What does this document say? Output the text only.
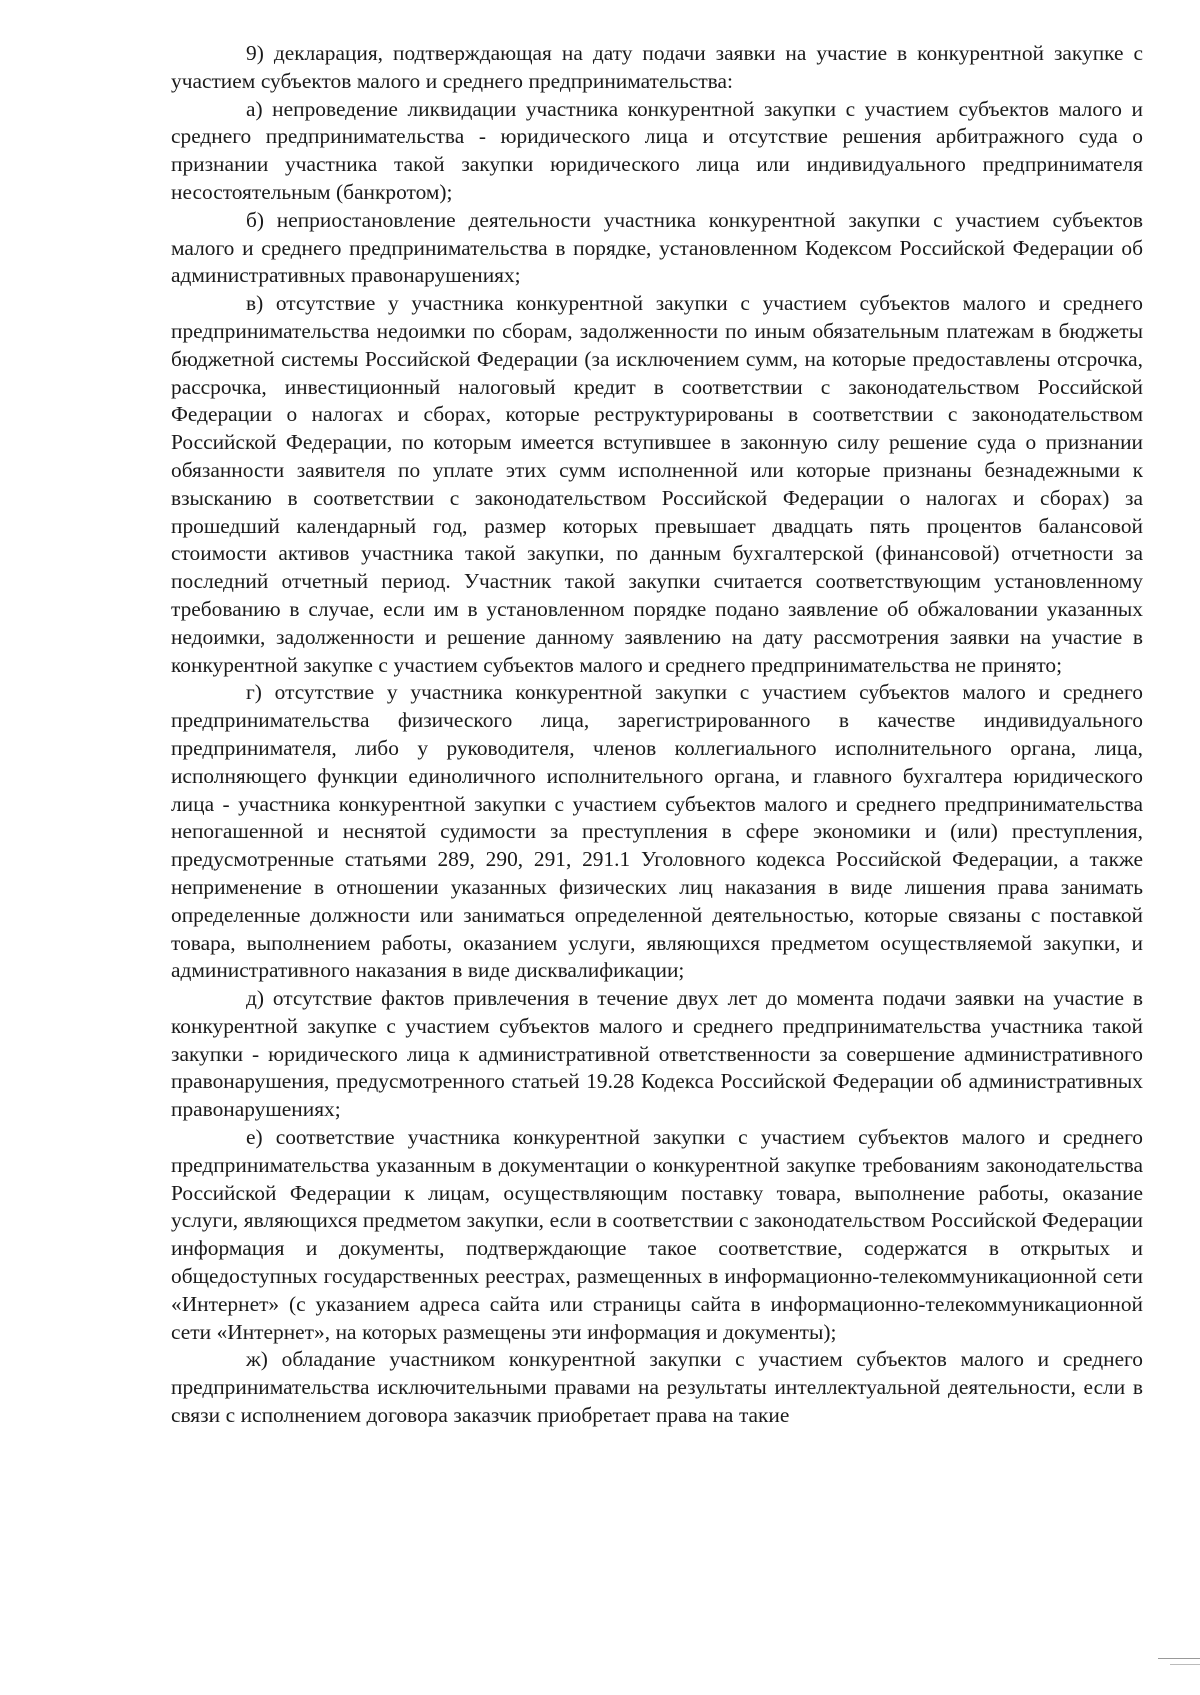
9) декларация, подтверждающая на дату подачи заявки на участие в конкурентной закупке с участием субъектов малого и среднего предпринимательства:

а) непроведение ликвидации участника конкурентной закупки с участием субъектов малого и среднего предпринимательства - юридического лица и отсутствие решения арбитражного суда о признании участника такой закупки юридического лица или индивидуального предпринимателя несостоятельным (банкротом);

б) неприостановление деятельности участника конкурентной закупки с участием субъектов малого и среднего предпринимательства в порядке, установленном Кодексом Российской Федерации об административных правонарушениях;

в) отсутствие у участника конкурентной закупки с участием субъектов малого и среднего предпринимательства недоимки по сборам, задолженности по иным обязательным платежам в бюджеты бюджетной системы Российской Федерации (за исключением сумм, на которые предоставлены отсрочка, рассрочка, инвестиционный налоговый кредит в соответствии с законодательством Российской Федерации о налогах и сборах, которые реструктурированы в соответствии с законодательством Российской Федерации, по которым имеется вступившее в законную силу решение суда о признании обязанности заявителя по уплате этих сумм исполненной или которые признаны безнадежными к взысканию в соответствии с законодательством Российской Федерации о налогах и сборах) за прошедший календарный год, размер которых превышает двадцать пять процентов балансовой стоимости активов участника такой закупки, по данным бухгалтерской (финансовой) отчетности за последний отчетный период. Участник такой закупки считается соответствующим установленному требованию в случае, если им в установленном порядке подано заявление об обжаловании указанных недоимки, задолженности и решение данному заявлению на дату рассмотрения заявки на участие в конкурентной закупке с участием субъектов малого и среднего предпринимательства не принято;

г) отсутствие у участника конкурентной закупки с участием субъектов малого и среднего предпринимательства физического лица, зарегистрированного в качестве индивидуального предпринимателя, либо у руководителя, членов коллегиального исполнительного органа, лица, исполняющего функции единоличного исполнительного органа, и главного бухгалтера юридического лица - участника конкурентной закупки с участием субъектов малого и среднего предпринимательства непогашенной и неснятой судимости за преступления в сфере экономики и (или) преступления, предусмотренные статьями 289, 290, 291, 291.1 Уголовного кодекса Российской Федерации, а также неприменение в отношении указанных физических лиц наказания в виде лишения права занимать определенные должности или заниматься определенной деятельностью, которые связаны с поставкой товара, выполнением работы, оказанием услуги, являющихся предметом осуществляемой закупки, и административного наказания в виде дисквалификации;

д) отсутствие фактов привлечения в течение двух лет до момента подачи заявки на участие в конкурентной закупке с участием субъектов малого и среднего предпринимательства участника такой закупки - юридического лица к административной ответственности за совершение административного правонарушения, предусмотренного статьей 19.28 Кодекса Российской Федерации об административных правонарушениях;

е) соответствие участника конкурентной закупки с участием субъектов малого и среднего предпринимательства указанным в документации о конкурентной закупке требованиям законодательства Российской Федерации к лицам, осуществляющим поставку товара, выполнение работы, оказание услуги, являющихся предметом закупки, если в соответствии с законодательством Российской Федерации информация и документы, подтверждающие такое соответствие, содержатся в открытых и общедоступных государственных реестрах, размещенных в информационно-телекоммуникационной сети «Интернет» (с указанием адреса сайта или страницы сайта в информационно-телекоммуникационной сети «Интернет», на которых размещены эти информация и документы);

ж) обладание участником конкурентной закупки с участием субъектов малого и среднего предпринимательства исключительными правами на результаты интеллектуальной деятельности, если в связи с исполнением договора заказчик приобретает права на такие
